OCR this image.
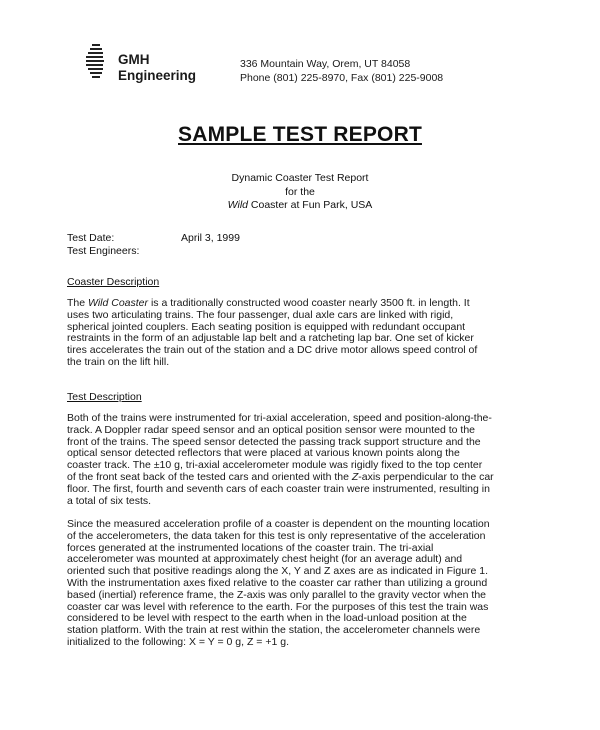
GMH
Engineering
336 Mountain Way, Orem, UT 84058
Phone (801) 225-8970, Fax (801) 225-9008
SAMPLE TEST REPORT
Dynamic Coaster Test Report
for the
Wild Coaster at Fun Park, USA
Test Date:	April 3, 1999
Test Engineers:
Coaster Description
The Wild Coaster is a traditionally constructed wood coaster nearly 3500 ft. in length. It
uses two articulating trains. The four passenger, dual axle cars are linked with rigid,
spherical jointed couplers. Each seating position is equipped with redundant occupant
restraints in the form of an adjustable lap belt and a ratcheting lap bar. One set of kicker
tires accelerates the train out of the station and a DC drive motor allows speed control of
the train on the lift hill.
Test Description
Both of the trains were instrumented for tri-axial acceleration, speed and position-along-the-
track. A Doppler radar speed sensor and an optical position sensor were mounted to the
front of the trains. The speed sensor detected the passing track support structure and the
optical sensor detected reflectors that were placed at various known points along the
coaster track. The ±10 g, tri-axial accelerometer module was rigidly fixed to the top center
of the front seat back of the tested cars and oriented with the Z-axis perpendicular to the car
floor. The first, fourth and seventh cars of each coaster train were instrumented, resulting in
a total of six tests.
Since the measured acceleration profile of a coaster is dependent on the mounting location
of the accelerometers, the data taken for this test is only representative of the acceleration
forces generated at the instrumented locations of the coaster train. The tri-axial
accelerometer was mounted at approximately chest height (for an average adult) and
oriented such that positive readings along the X, Y and Z axes are as indicated in Figure 1.
With the instrumentation axes fixed relative to the coaster car rather than utilizing a ground
based (inertial) reference frame, the Z-axis was only parallel to the gravity vector when the
coaster car was level with reference to the earth. For the purposes of this test the train was
considered to be level with respect to the earth when in the load-unload position at the
station platform. With the train at rest within the station, the accelerometer channels were
initialized to the following: X = Y = 0 g, Z = +1 g.
